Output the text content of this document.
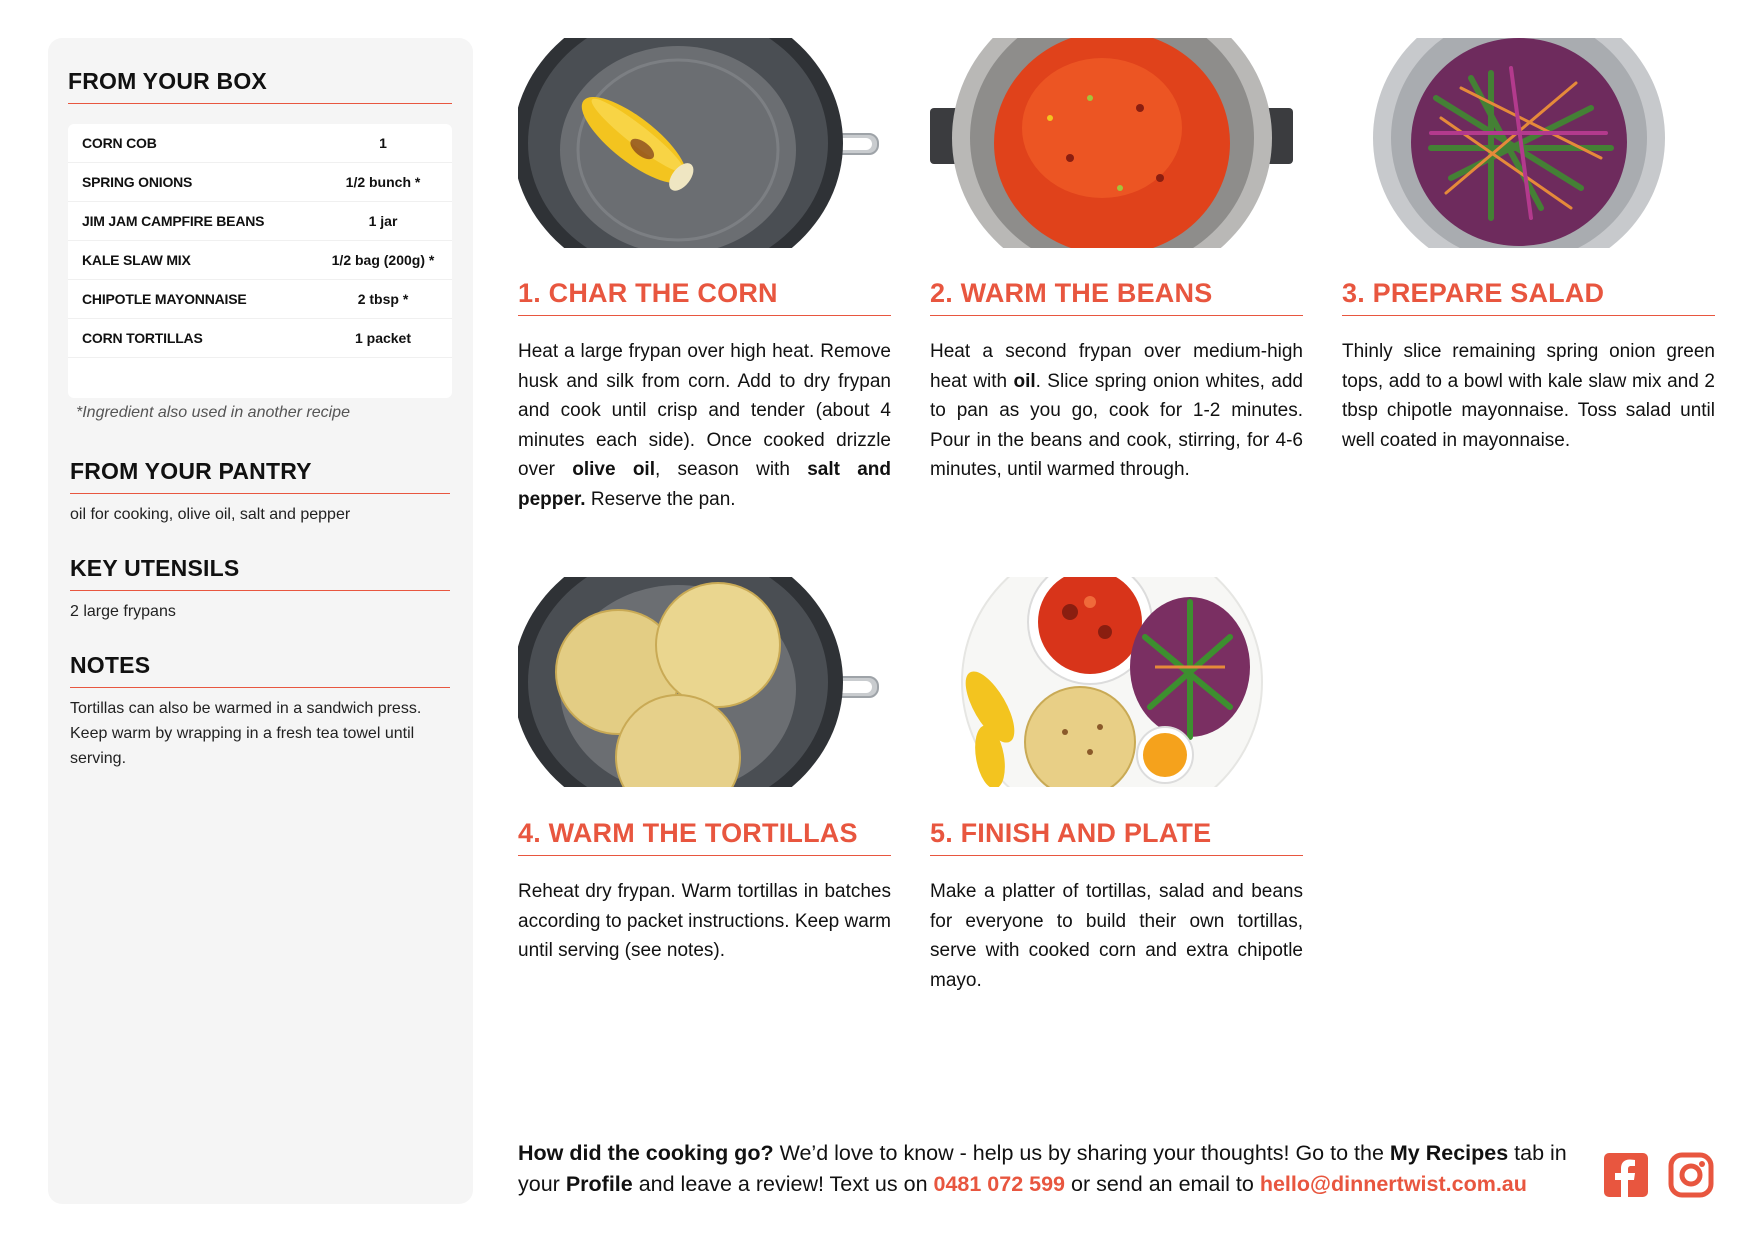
FROM YOUR BOX
CORN COB	1
SPRING ONIONS	1/2 bunch *
JIM JAM CAMPFIRE BEANS	1 jar
KALE SLAW MIX	1/2 bag (200g) *
CHIPOTLE MAYONNAISE	2 tbsp *
CORN TORTILLAS	1 packet
*Ingredient also used in another recipe
FROM YOUR PANTRY
oil for cooking, olive oil, salt and pepper
KEY UTENSILS
2 large frypans
NOTES
Tortillas can also be warmed in a sandwich press. Keep warm by wrapping in a fresh tea towel until serving.
1. CHAR THE CORN
Heat a large frypan over high heat. Remove husk and silk from corn. Add to dry frypan and cook until crisp and tender (about 4 minutes each side). Once cooked drizzle over olive oil, season with salt and pepper. Reserve the pan.
2. WARM THE BEANS
Heat a second frypan over medium-high heat with oil. Slice spring onion whites, add to pan as you go, cook for 1-2 minutes. Pour in the beans and cook, stirring, for 4-6 minutes, until warmed through.
3. PREPARE SALAD
Thinly slice remaining spring onion green tops, add to a bowl with kale slaw mix and 2 tbsp chipotle mayonnaise. Toss salad until well coated in mayonnaise.
4. WARM THE TORTILLAS
Reheat dry frypan. Warm tortillas in batches according to packet instructions. Keep warm until serving (see notes).
5. FINISH AND PLATE
Make a platter of tortillas, salad and beans for everyone to build their own tortillas, serve with cooked corn and extra chipotle mayo.
How did the cooking go? We’d love to know - help us by sharing your thoughts! Go to the My Recipes tab in your Profile and leave a review! Text us on 0481 072 599 or send an email to hello@dinnertwist.com.au
